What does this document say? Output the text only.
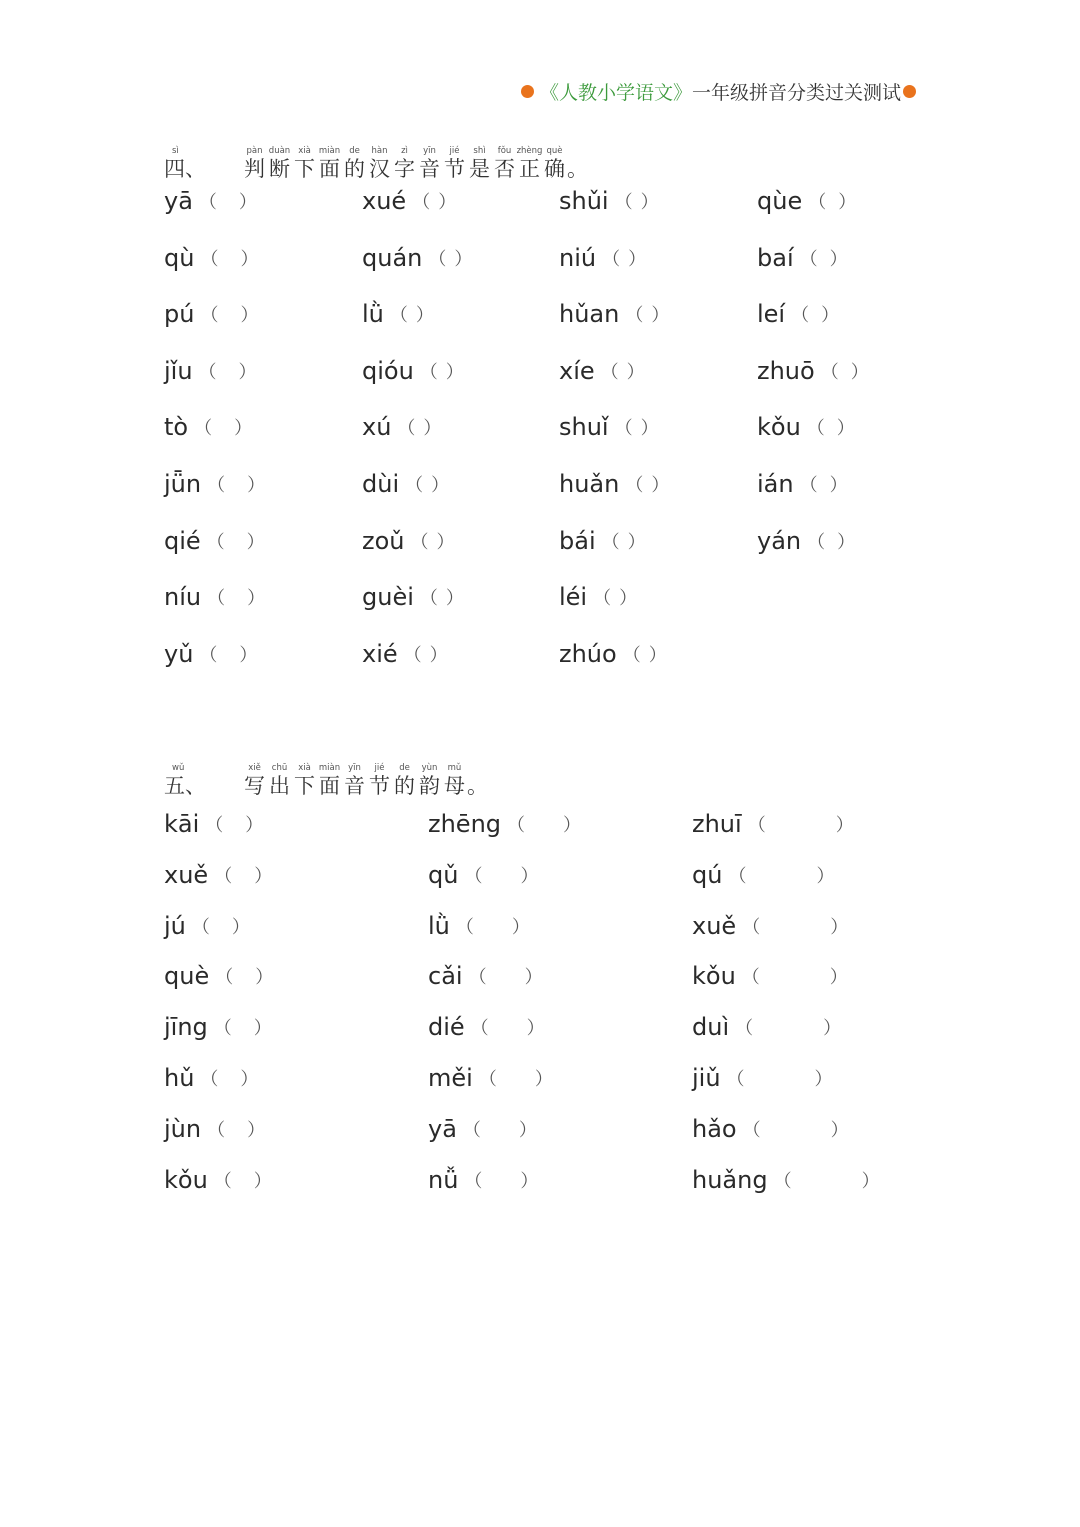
《人教小学语文》 一年级拼音分类过关测试
sì
四、
pàn
判
duàn
断
xià
下
miàn
面
de
的
hàn
汉
zì
字
yīn
音
jié
节
shì
是
fǒu
否
zhèng
正
què
确 。
yā （ ）	xué （ ）	shǔi （ ）	qùe （ ）
qù （ ）	quán （ ）	niú （ ）	baí （ ）
pú （ ）	lǜ （ ）	hǔan （ ）	leí （ ）
jǐu （ ）	qióu （ ）	xíe （ ）	zhuō （ ）
tò （ ）	xú （ ）	shuǐ （ ）	kǒu （ ）
jǖn （ ）	dùi （ ）	huǎn （ ）	ián （ ）
qié （ ）	zoǔ （ ）	bái （ ）	yán （ ）
níu （ ）	guèi （ ）	léi （ ）
yǔ （ ）	xié （ ）	zhúo （ ）
wǔ
五、
xiě
写
chū
出
xià
下
miàn
面
yīn
音
jié
节
de
的
yùn
韵
mǔ
母 。
kāi （ ）	zhēng （ ）	zhuī （	）
xuě （ ）	qǔ （ ）	qú （	）
jú （ ）	lǜ （ ）	xuě （	）
què （ ）	cǎi （ ）	kǒu （	）
jīng （ ）	dié （ ）	duì （	）
hǔ （ ）	měi （ ）	jiǔ （	）
jùn （ ）	yā （ ）	hǎo （	）
kǒu （ ）	nǚ （ ）	huǎng （	）
